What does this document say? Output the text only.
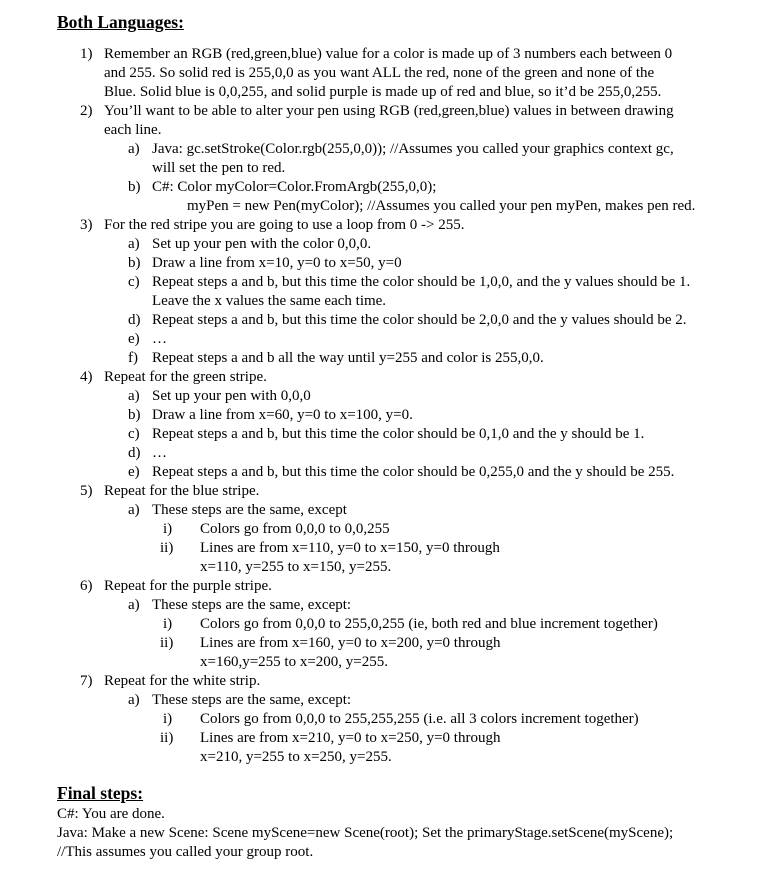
Both Languages:
1) Remember an RGB (red,green,blue) value for a color is made up of 3 numbers each between 0
and 255. So solid red is 255,0,0 as you want ALL the red, none of the green and none of the
Blue. Solid blue is 0,0,255, and solid purple is made up of red and blue, so it’d be 255,0,255.
2) You’ll want to be able to alter your pen using RGB (red,green,blue) values in between drawing
each line.
a) Java: gc.setStroke(Color.rgb(255,0,0)); //Assumes you called your graphics context gc,
will set the pen to red.
b) C#: Color myColor=Color.FromArgb(255,0,0);
myPen = new Pen(myColor); //Assumes you called your pen myPen, makes pen red.
3) For the red stripe you are going to use a loop from 0 -> 255.
a) Set up your pen with the color 0,0,0.
b) Draw a line from x=10, y=0 to x=50, y=0
c) Repeat steps a and b, but this time the color should be 1,0,0, and the y values should be 1.
Leave the x values the same each time.
d) Repeat steps a and b, but this time the color should be 2,0,0 and the y values should be 2.
e) …
f) Repeat steps a and b all the way until y=255 and color is 255,0,0.
4) Repeat for the green stripe.
a) Set up your pen with 0,0,0
b) Draw a line from x=60, y=0 to x=100, y=0.
c) Repeat steps a and b, but this time the color should be 0,1,0 and the y should be 1.
d) …
e) Repeat steps a and b, but this time the color should be 0,255,0 and the y should be 255.
5) Repeat for the blue stripe.
a) These steps are the same, except
i) Colors go from 0,0,0 to 0,0,255
ii) Lines are from x=110, y=0 to x=150, y=0 through
x=110, y=255 to x=150, y=255.
6) Repeat for the purple stripe.
a) These steps are the same, except:
i) Colors go from 0,0,0 to 255,0,255 (ie, both red and blue increment together)
ii) Lines are from x=160, y=0 to x=200, y=0 through
x=160,y=255 to x=200, y=255.
7) Repeat for the white strip.
a) These steps are the same, except:
i) Colors go from 0,0,0 to 255,255,255 (i.e. all 3 colors increment together)
ii) Lines are from x=210, y=0 to x=250, y=0 through
x=210, y=255 to x=250, y=255.
Final steps:
C#: You are done.
Java: Make a new Scene: Scene myScene=new Scene(root); Set the primaryStage.setScene(myScene);
//This assumes you called your group root.
